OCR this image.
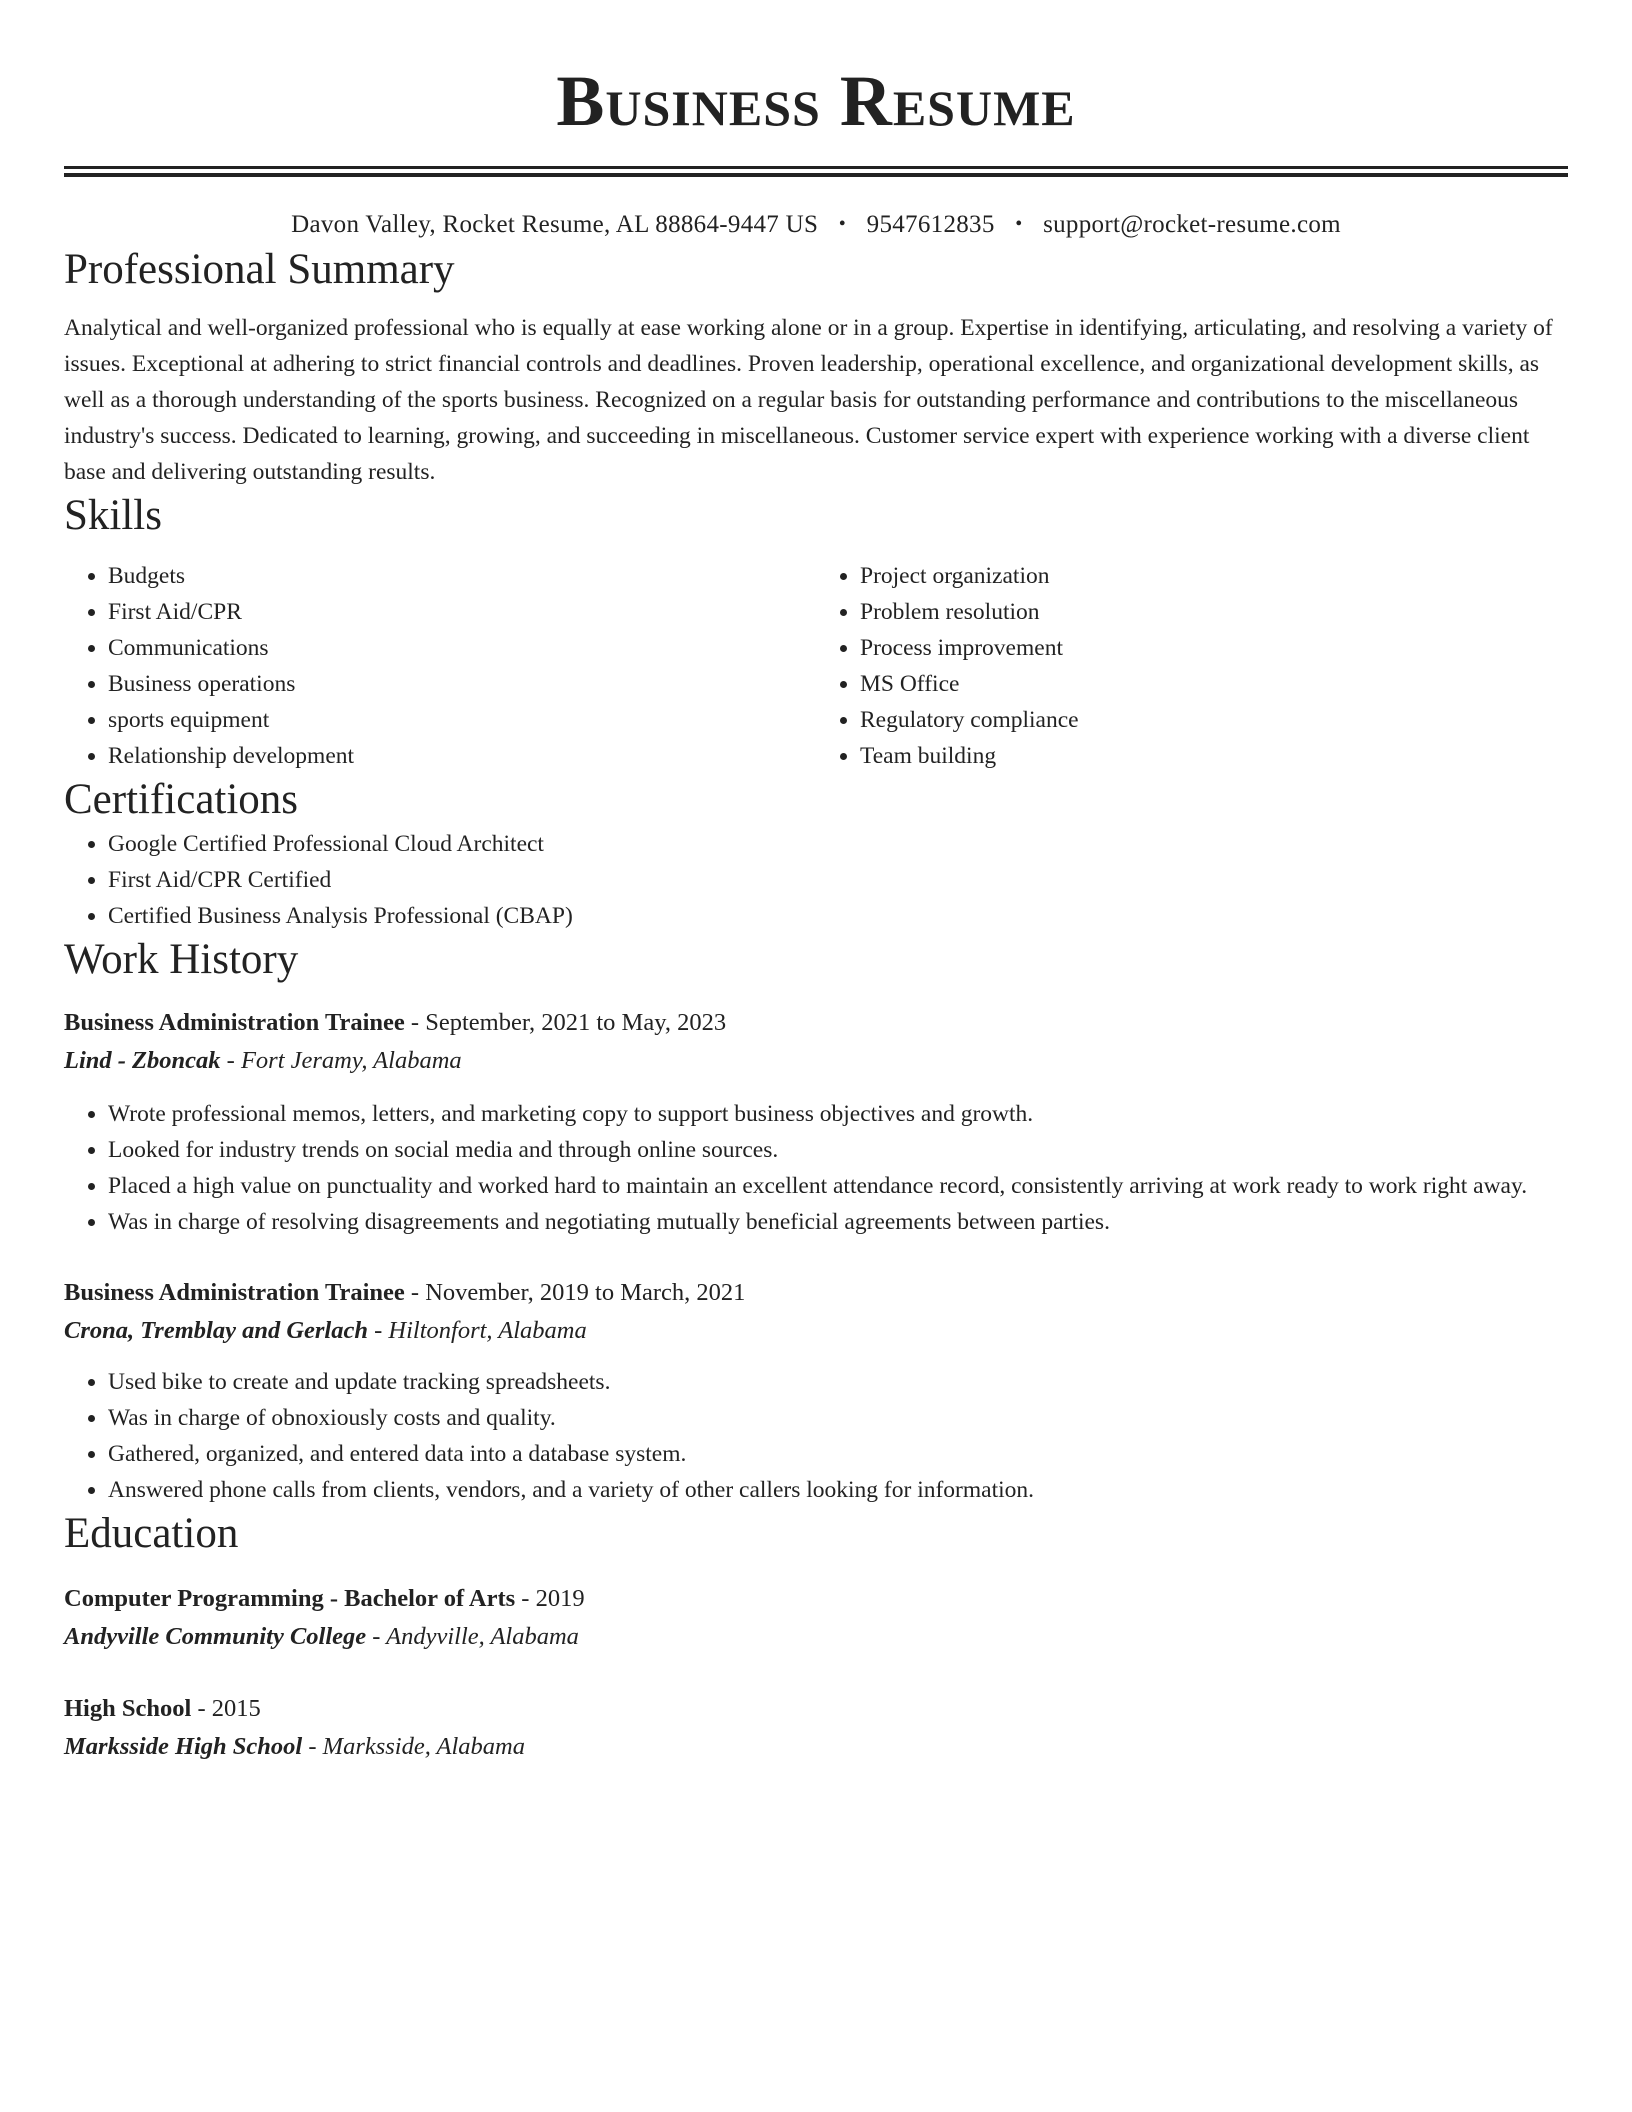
Business Resume
Davon Valley, Rocket Resume, AL 88864-9447 US • 9547612835 • support@rocket-resume.com
Professional Summary

Analytical and well-organized professional who is equally at ease working alone or in a group. Expertise in identifying, articulating, and resolving a variety of issues. Exceptional at adhering to strict financial controls and deadlines. Proven leadership, operational excellence, and organizational development skills, as well as a thorough understanding of the sports business. Recognized on a regular basis for outstanding performance and contributions to the miscellaneous industry's success. Dedicated to learning, growing, and succeeding in miscellaneous. Customer service expert with experience working with a diverse client base and delivering outstanding results.

Skills
• Budgets
• First Aid/CPR
• Communications
• Business operations
• sports equipment
• Relationship development
• Project organization
• Problem resolution
• Process improvement
• MS Office
• Regulatory compliance
• Team building
Certifications
• Google Certified Professional Cloud Architect
• First Aid/CPR Certified
• Certified Business Analysis Professional (CBAP)
Work History
Business Administration Trainee - September, 2021 to May, 2023
Lind - Zboncak - Fort Jeramy, Alabama
• Wrote professional memos, letters, and marketing copy to support business objectives and growth.
• Looked for industry trends on social media and through online sources.
• Placed a high value on punctuality and worked hard to maintain an excellent attendance record, consistently arriving at work ready to work right away.
• Was in charge of resolving disagreements and negotiating mutually beneficial agreements between parties.
Business Administration Trainee - November, 2019 to March, 2021
Crona, Tremblay and Gerlach - Hiltonfort, Alabama
• Used bike to create and update tracking spreadsheets.
• Was in charge of obnoxiously costs and quality.
• Gathered, organized, and entered data into a database system.
• Answered phone calls from clients, vendors, and a variety of other callers looking for information.
Education
Computer Programming - Bachelor of Arts - 2019
Andyville Community College - Andyville, Alabama
High School - 2015
Marksside High School - Marksside, Alabama
